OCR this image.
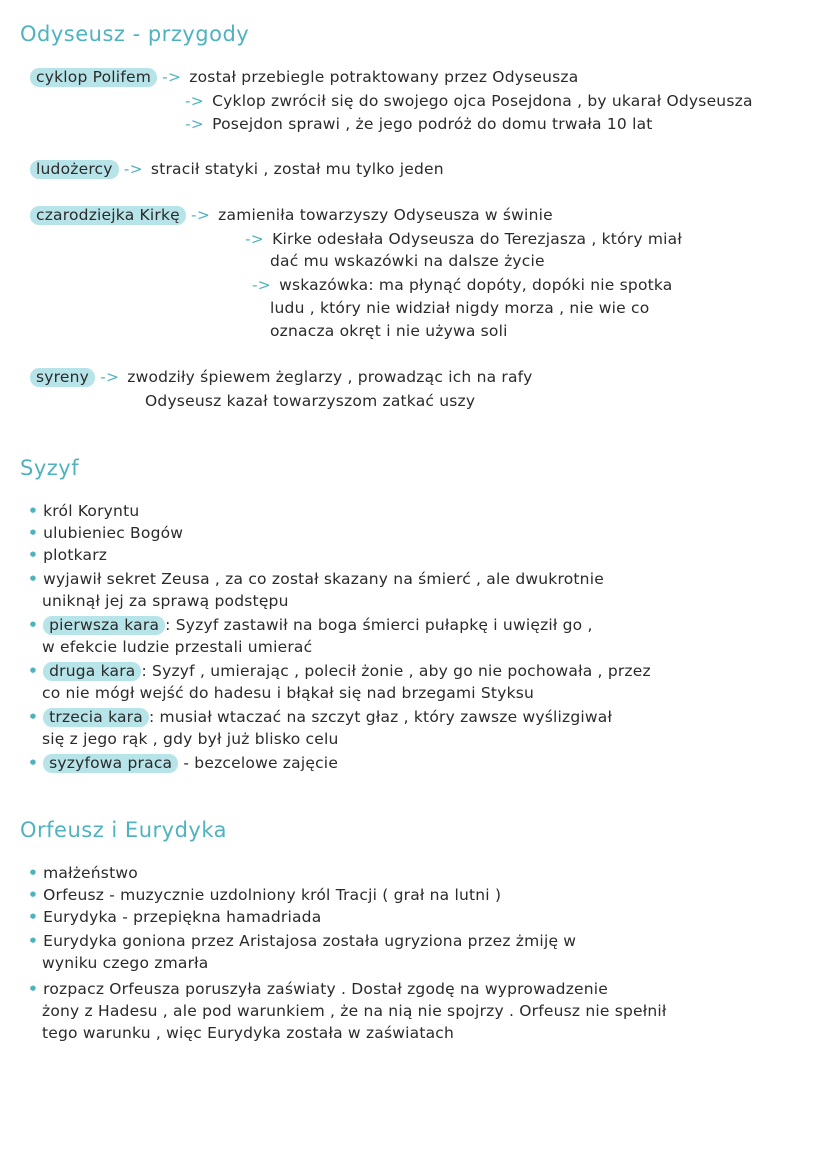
Odyseusz - przygody
cyklop Polifem -> został przebiegle potraktowany przez Odyseusza
-> Cyklop zwrócił się do swojego ojca Posejdona , by ukarał Odyseusza
-> Posejdon sprawi , że jego podróż do domu trwała 10 lat
ludożercy -> stracił statyki , został mu tylko jeden
czarodziejka Kirkę -> zamieniła towarzyszy Odyseusza w świnie
-> Kirke odesłała Odyseusza do Terezjasza , który miał
dać mu wskazówki na dalsze życie
-> wskazówka: ma płynąć dopóty, dopóki nie spotka
ludu , który nie widział nigdy morza , nie wie co
oznacza okręt i nie używa soli
syreny -> zwodziły śpiewem żeglarzy , prowadząc ich na rafy
Odyseusz kazał towarzyszom zatkać uszy
Syzyf
• król Koryntu
• ulubieniec Bogów
• plotkarz
• wyjawił sekret Zeusa , za co został skazany na śmierć , ale dwukrotnie
uniknął jej za sprawą podstępu
• pierwsza kara : Syzyf zastawił na boga śmierci pułapkę i uwięził go ,
w efekcie ludzie przestali umierać
• druga kara : Syzyf , umierając , polecił żonie , aby go nie pochowała , przez
co nie mógł wejść do hadesu i błąkał się nad brzegami Styksu
• trzecia kara : musiał wtaczać na szczyt głaz , który zawsze wyślizgiwał
się z jego rąk , gdy był już blisko celu
• syzyfowa praca - bezcelowe zajęcie
Orfeusz i Eurydyka
• małżeństwo
• Orfeusz - muzycznie uzdolniony król Tracji ( grał na lutni )
• Eurydyka - przepiękna hamadriada
• Eurydyka goniona przez Aristajosa została ugryziona przez żmiję w
wyniku czego zmarła
• rozpacz Orfeusza poruszyła zaświaty . Dostał zgodę na wyprowadzenie
żony z Hadesu , ale pod warunkiem , że na nią nie spojrzy . Orfeusz nie spełnił
tego warunku , więc Eurydyka została w zaświatach
